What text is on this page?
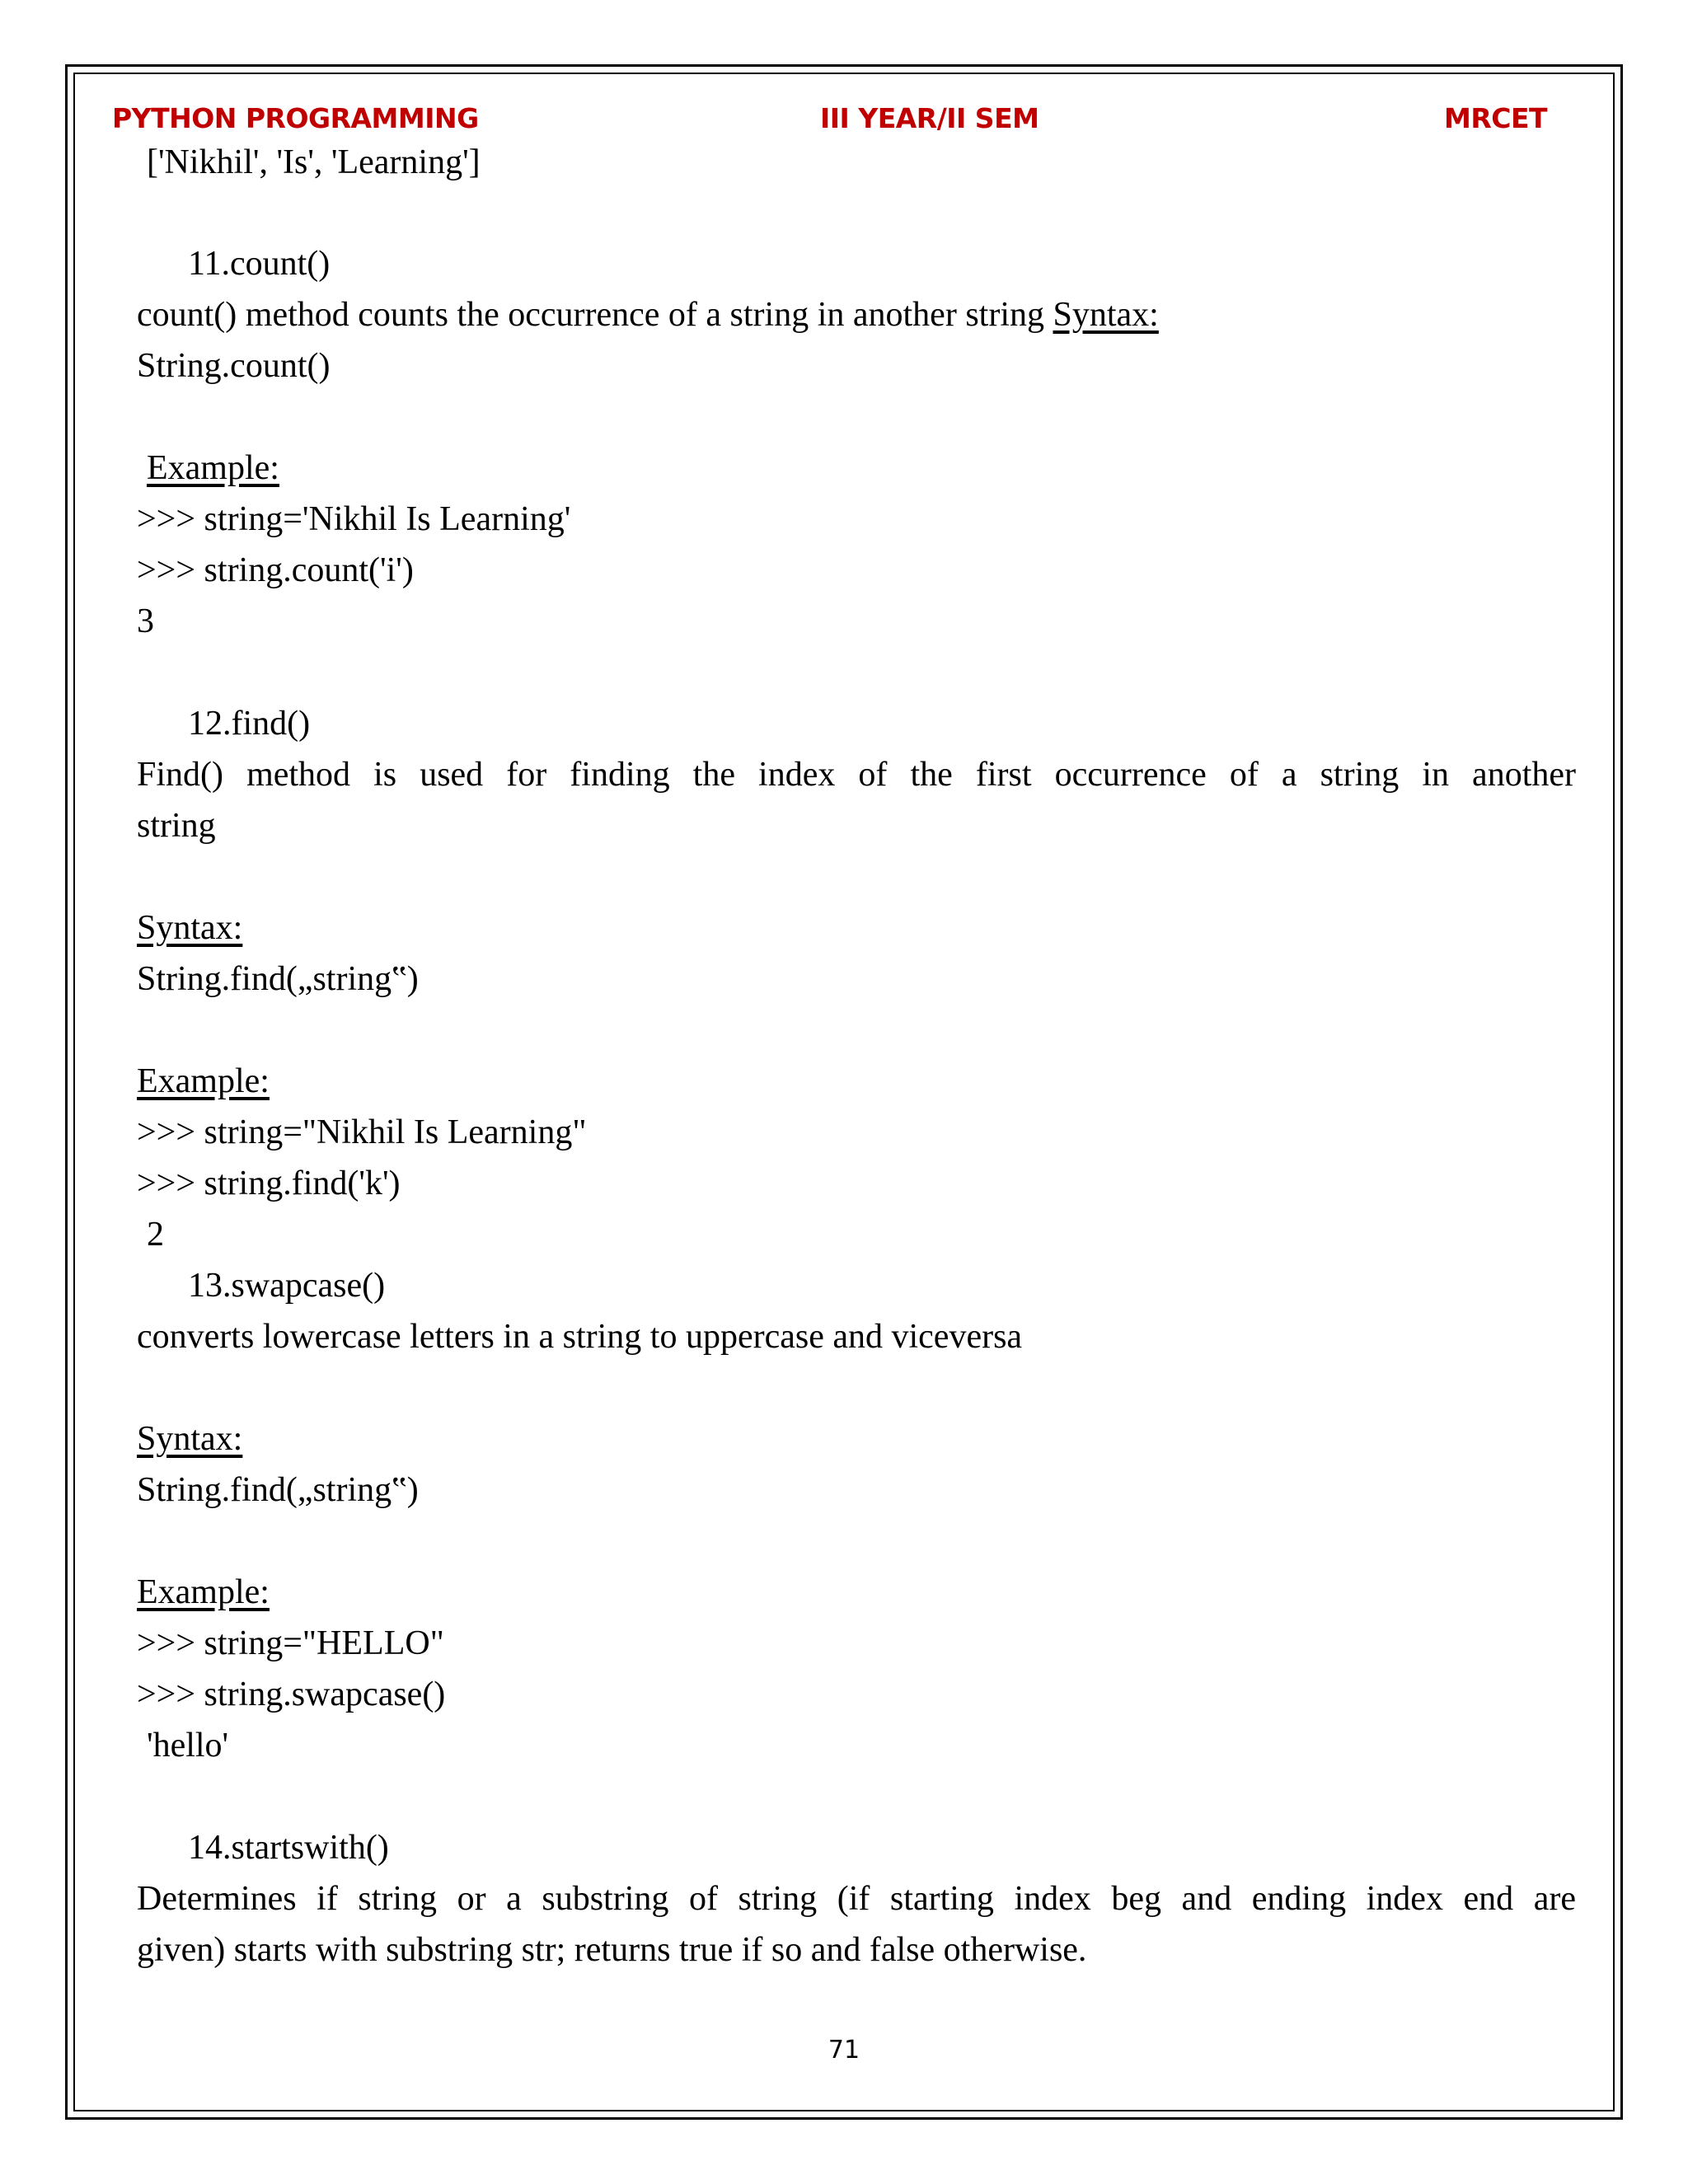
PYTHON PROGRAMMING	III YEAR/II SEM	MRCET
['Nikhil', 'Is', 'Learning']
11.count()
count() method counts the occurrence of a string in another string Syntax:
String.count()
Example:
>>> string='Nikhil Is Learning'
>>> string.count('i')
3
12.find()
Find() method is used for finding the index of the first occurrence of a string in another
string
Syntax:
String.find(„string‟)
Example:
>>> string="Nikhil Is Learning"
>>> string.find('k')
2
13.swapcase()
converts lowercase letters in a string to uppercase and viceversa
Syntax:
String.find(„string‟)
Example:
>>> string="HELLO"
>>> string.swapcase()
'hello'
14.startswith()
Determines if string or a substring of string (if starting index beg and ending index end are
given) starts with substring str; returns true if so and false otherwise.
71
